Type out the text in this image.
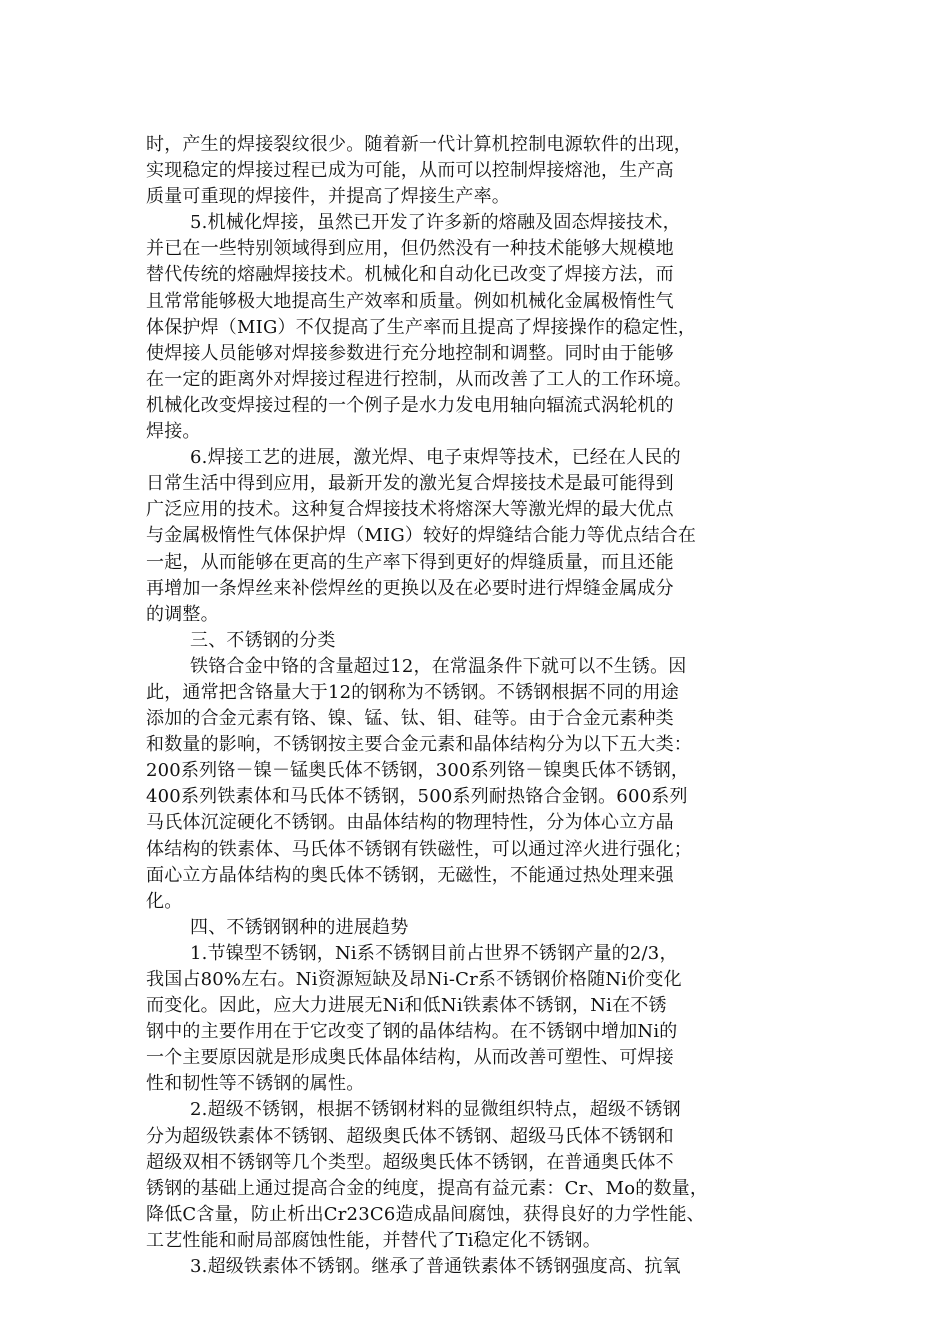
时，产生的焊接裂纹很少。随着新一代计算机控制电源软件的出现，
实现稳定的焊接过程已成为可能，从而可以控制焊接熔池，生产高
质量可重现的焊接件，并提高了焊接生产率。
5.机械化焊接，虽然已开发了许多新的熔融及固态焊接技术，
并已在一些特别领域得到应用，但仍然没有一种技术能够大规模地
替代传统的熔融焊接技术。机械化和自动化已改变了焊接方法，而
且常常能够极大地提高生产效率和质量。例如机械化金属极惰性气
体保护焊（MIG）不仅提高了生产率而且提高了焊接操作的稳定性，
使焊接人员能够对焊接参数进行充分地控制和调整。同时由于能够
在一定的距离外对焊接过程进行控制，从而改善了工人的工作环境。
机械化改变焊接过程的一个例子是水力发电用轴向辐流式涡轮机的
焊接。
6.焊接工艺的进展，激光焊、电子束焊等技术，已经在人民的
日常生活中得到应用，最新开发的激光复合焊接技术是最可能得到
广泛应用的技术。这种复合焊接技术将熔深大等激光焊的最大优点
与金属极惰性气体保护焊（MIG）较好的焊缝结合能力等优点结合在
一起，从而能够在更高的生产率下得到更好的焊缝质量，而且还能
再增加一条焊丝来补偿焊丝的更换以及在必要时进行焊缝金属成分
的调整。
三、不锈钢的分类
铁铬合金中铬的含量超过12，在常温条件下就可以不生锈。因
此，通常把含铬量大于12的钢称为不锈钢。不锈钢根据不同的用途
添加的合金元素有铬、镍、锰、钛、钼、硅等。由于合金元素种类
和数量的影响，不锈钢按主要合金元素和晶体结构分为以下五大类：
200系列铬－镍－锰奥氏体不锈钢，300系列铬－镍奥氏体不锈钢，
400系列铁素体和马氏体不锈钢，500系列耐热铬合金钢。600系列
马氏体沉淀硬化不锈钢。由晶体结构的物理特性，分为体心立方晶
体结构的铁素体、马氏体不锈钢有铁磁性，可以通过淬火进行强化；
面心立方晶体结构的奥氏体不锈钢，无磁性，不能通过热处理来强
化。
四、不锈钢钢种的进展趋势
1.节镍型不锈钢，Ni系不锈钢目前占世界不锈钢产量的2/3，
我国占80%左右。Ni资源短缺及昂Ni-Cr系不锈钢价格随Ni价变化
而变化。因此，应大力进展无Ni和低Ni铁素体不锈钢，Ni在不锈
钢中的主要作用在于它改变了钢的晶体结构。在不锈钢中增加Ni的
一个主要原因就是形成奥氏体晶体结构，从而改善可塑性、可焊接
性和韧性等不锈钢的属性。
2.超级不锈钢，根据不锈钢材料的显微组织特点，超级不锈钢
分为超级铁素体不锈钢、超级奥氏体不锈钢、超级马氏体不锈钢和
超级双相不锈钢等几个类型。超级奥氏体不锈钢，在普通奥氏体不
锈钢的基础上通过提高合金的纯度，提高有益元素：Cr、Mo的数量，
降低C含量，防止析出Cr23C6造成晶间腐蚀，获得良好的力学性能、
工艺性能和耐局部腐蚀性能，并替代了Ti稳定化不锈钢。
3.超级铁素体不锈钢。继承了普通铁素体不锈钢强度高、抗氧
